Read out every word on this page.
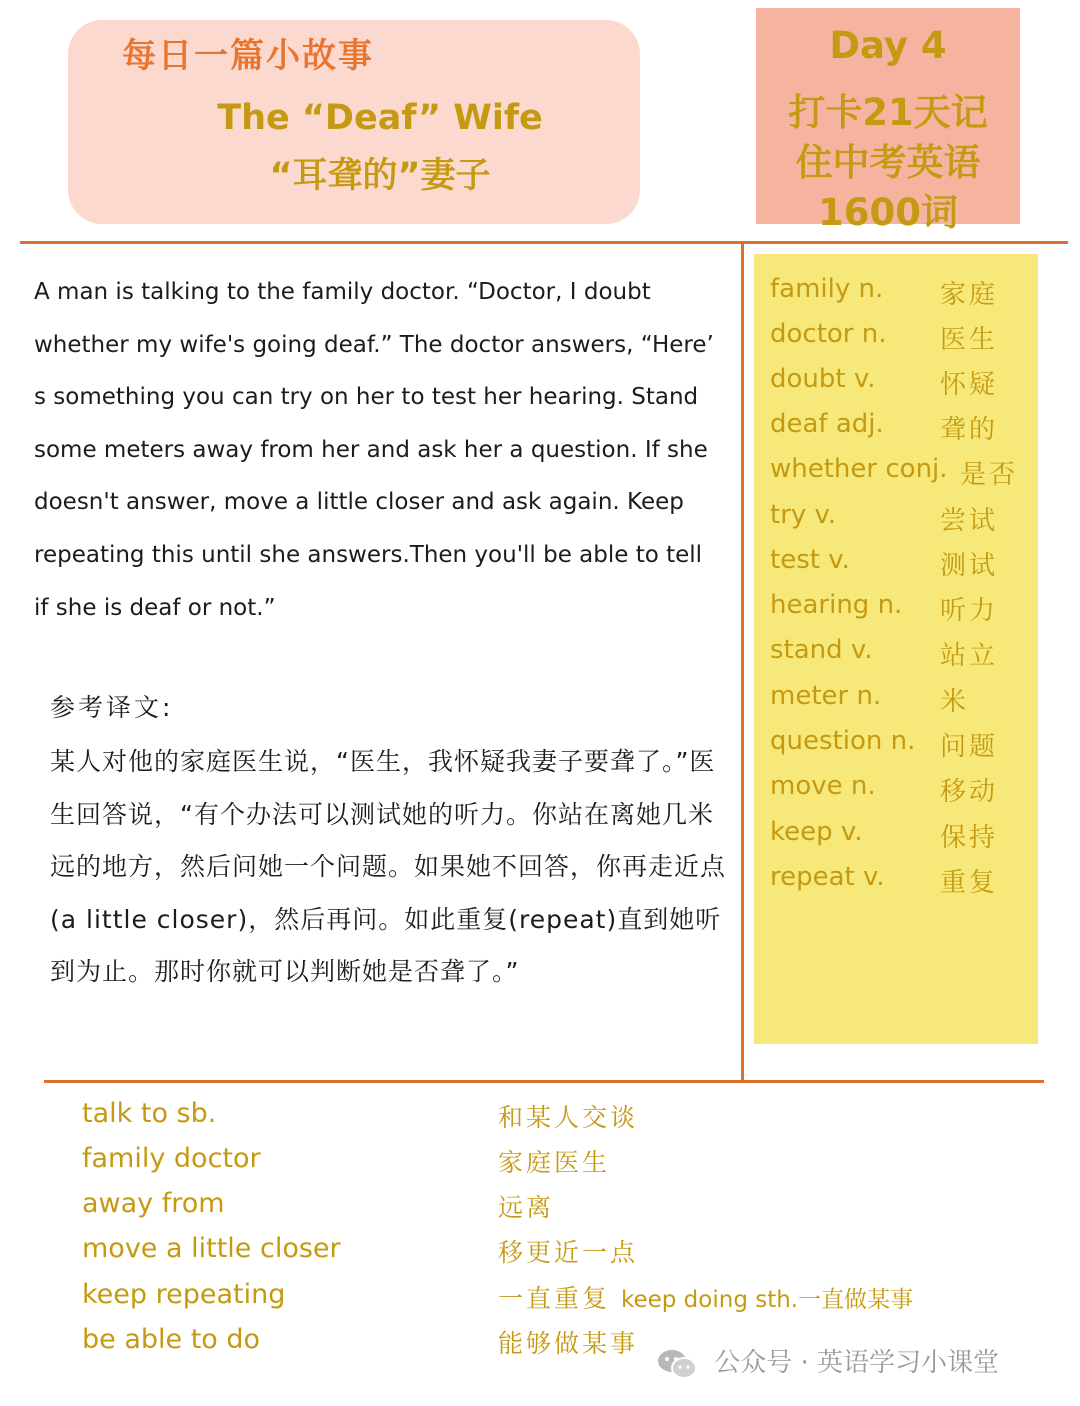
每日一篇小故事
The “Deaf” Wife
“耳聋的”妻子
Day 4
打卡21天记
住中考英语
1600词

A man is talking to the family doctor. “Doctor, I doubt whether my wife's going deaf.” The doctor answers, “Here’ s something you can try on her to test her hearing. Stand some meters away from her and ask her a question. If she doesn't answer, move a little closer and ask again. Keep repeating this until she answers.Then you'll be able to tell if she is deaf or not.”

参考译文:

某人对他的家庭医生说，“医生，我怀疑我妻子要聋了。”医生回答说，“有个办法可以测试她的听力。你站在离她几米远的地方，然后问她一个问题。如果她不回答，你再走近点(a little closer)，然后再问。如此重复(repeat)直到她听到为止。那时你就可以判断她是否聋了。”

family n. 家庭
doctor n. 医生
doubt v. 怀疑
deaf adj. 聋的
whether conj. 是否
try v.	尝试
test v.	测试
hearing n. 听力
stand v.	站立
meter n. 米
question n. 问题
move n. 移动
keep v.	保持
repeat v. 重复
talk to sb.	和某人交谈
family doctor	家庭医生
away from	远离
move a little closer	移更近一点
keep repeating	一直重复 keep doing sth.一直做某事
be able to do	能够做某事
公众号 · 英语学习小课堂
